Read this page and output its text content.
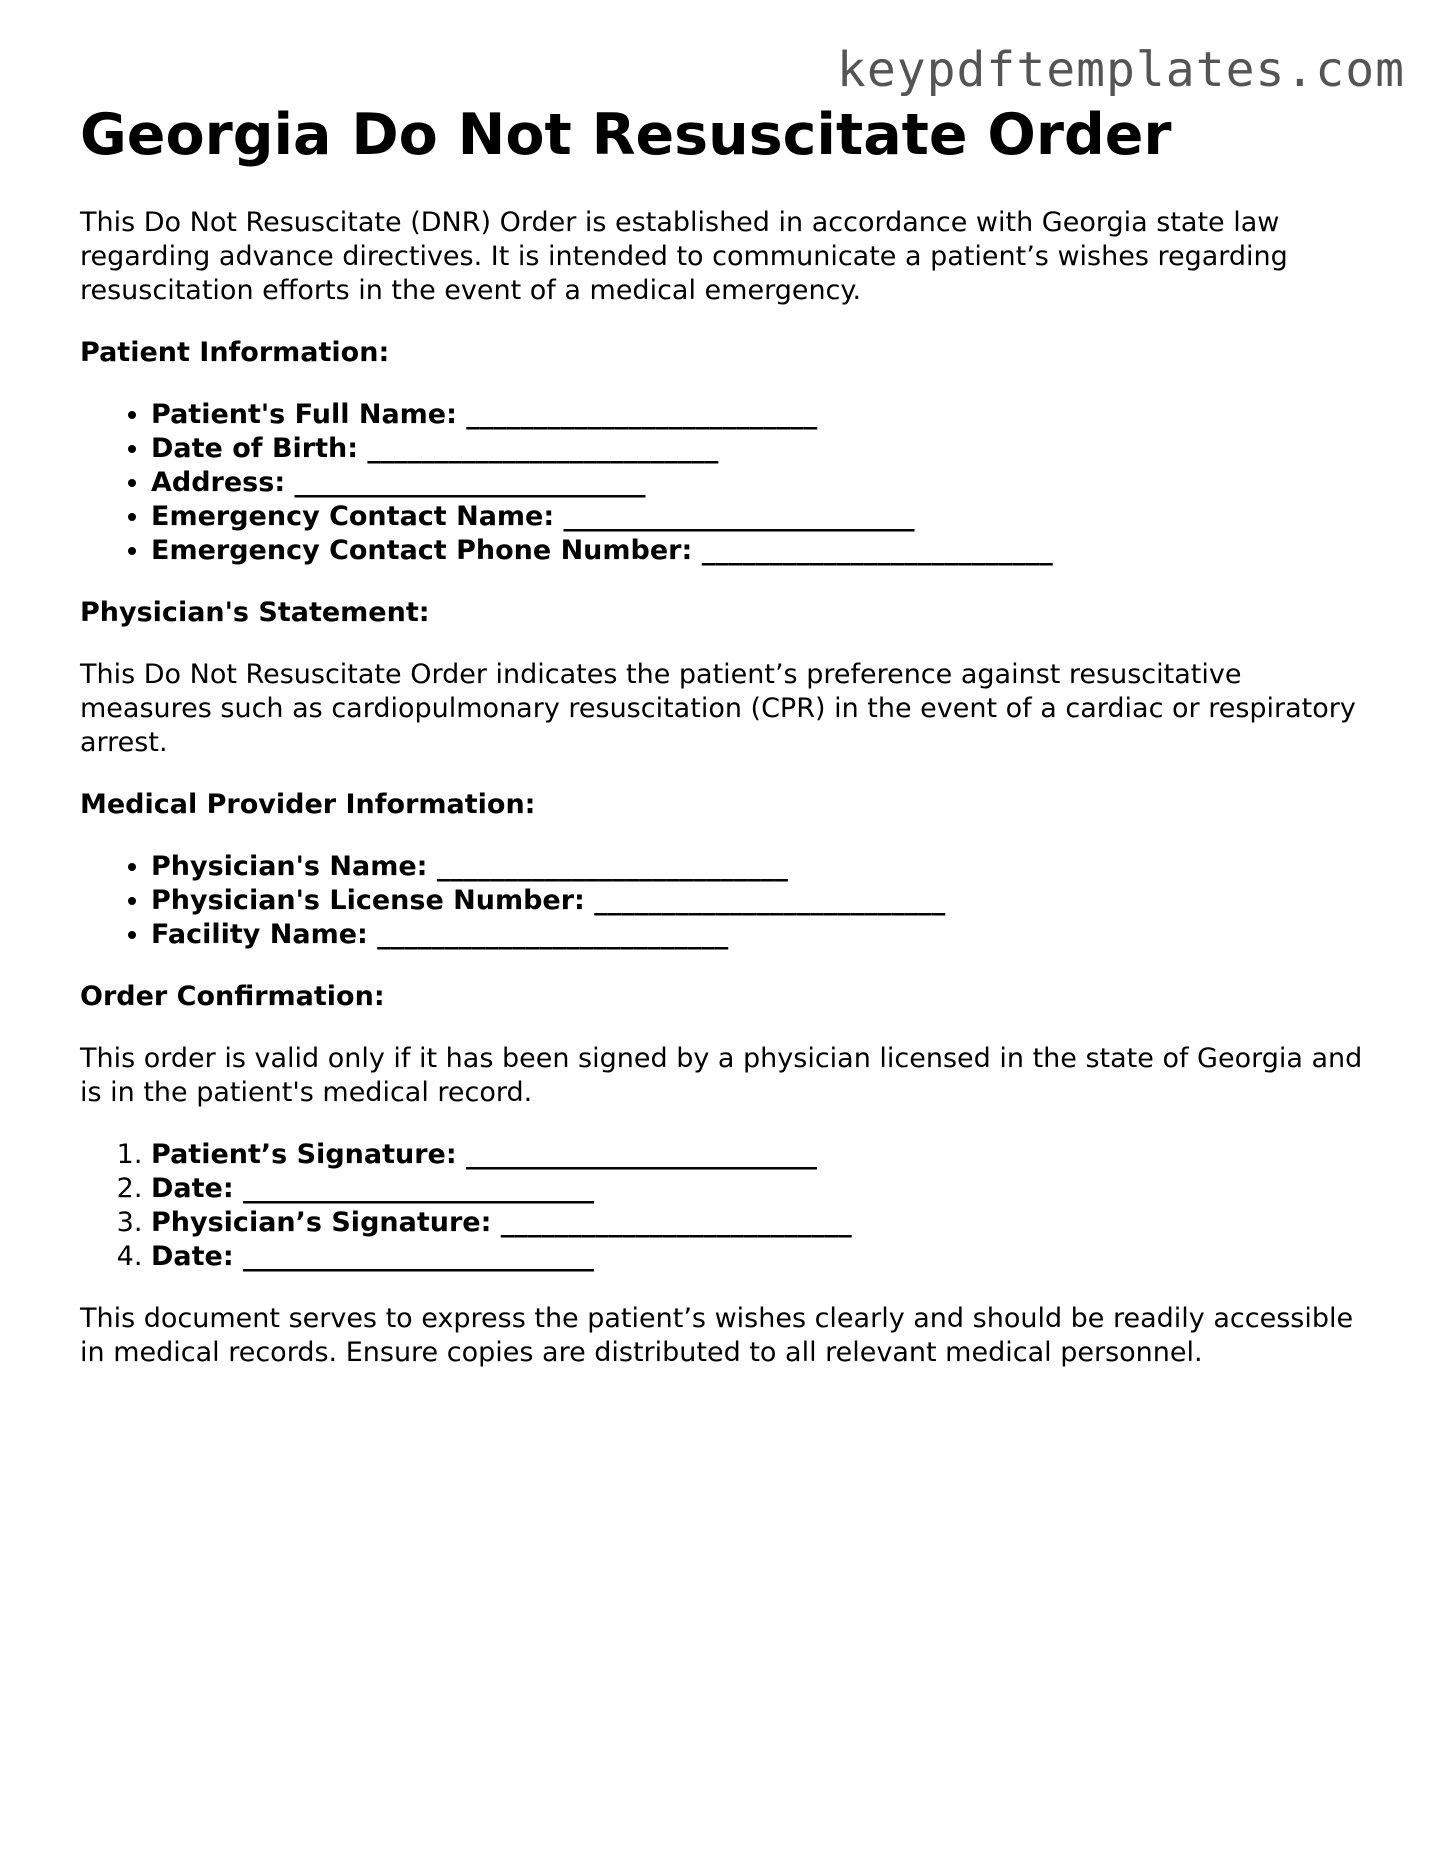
keypdftemplates.com
Georgia Do Not Resuscitate Order

This Do Not Resuscitate (DNR) Order is established in accordance with Georgia state law regarding advance directives. It is intended to communicate a patient’s wishes regarding resuscitation efforts in the event of a medical emergency.

Patient Information:
• Patient's Full Name: __________________________
• Date of Birth: __________________________
• Address: __________________________
• Emergency Contact Name: __________________________
• Emergency Contact Phone Number: __________________________
Physician's Statement:

This Do Not Resuscitate Order indicates the patient’s preference against resuscitative measures such as cardiopulmonary resuscitation (CPR) in the event of a cardiac or respiratory arrest.

Medical Provider Information:
• Physician's Name: __________________________
• Physician's License Number: __________________________
• Facility Name: __________________________
Order Confirmation:

This order is valid only if it has been signed by a physician licensed in the state of Georgia and is in the patient's medical record.

1. Patient’s Signature: __________________________
2. Date: __________________________
3. Physician’s Signature: __________________________
4. Date: __________________________

This document serves to express the patient’s wishes clearly and should be readily accessible in medical records. Ensure copies are distributed to all relevant medical personnel.
